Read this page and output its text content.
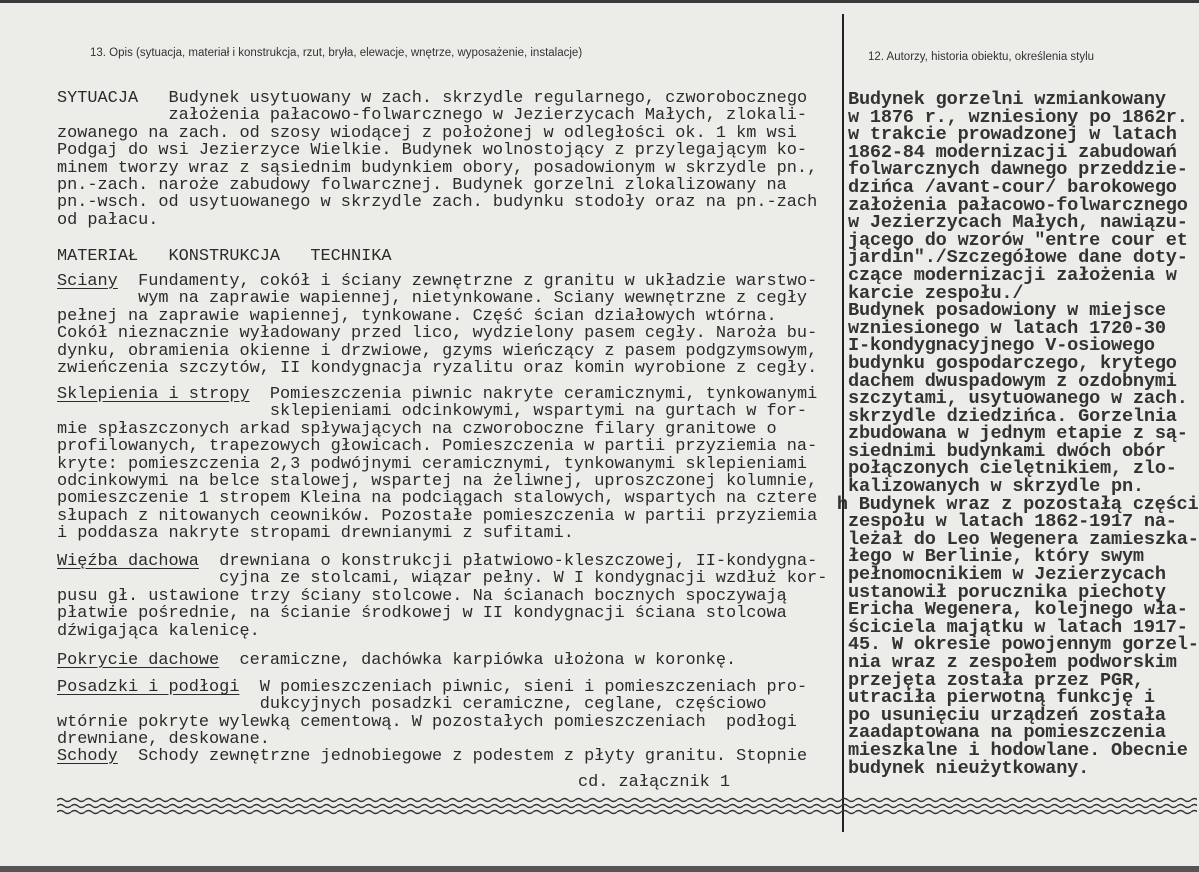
13. Opis (sytuacja, materiał i konstrukcja, rzut, bryła, elewacje, wnętrze, wyposażenie, instalacje)	12. Autorzy, historia obiektu, określenia stylu
SYTUACJA Budynek usytuowany w zach. skrzydle regularnego, czworobocznego
założenia pałacowo-folwarcznego w Jezierzycach Małych, zlokali-
zowanego na zach. od szosy wiodącej z położonej w odległości ok. 1 km wsi
Podgaj do wsi Jezierzyce Wielkie. Budynek wolnostojący z przylegającym ko-
minem tworzy wraz z sąsiednim budynkiem obory, posadowionym w skrzydle pn.,
pn.-zach. naroże zabudowy folwarcznej. Budynek gorzelni zlokalizowany na
pn.-wsch. od usytuowanego w skrzydle zach. budynku stodoły oraz na pn.-zach
od pałacu.
Sciany Fundamenty, cokół i ściany zewnętrzne z granitu w układzie warstwo-
wym na zaprawie wapiennej, nietynkowane. Sciany wewnętrzne z cegły
pełnej na zaprawie wapiennej, tynkowane. Część ścian działowych wtórna.
Cokół nieznacznie wyładowany przed lico, wydzielony pasem cegły. Naroża bu-
dynku, obramienia okienne i drzwiowe, gzyms wieńczący z pasem podgzymsowym,
zwieńczenia szczytów, II kondygnacja ryzalitu oraz komin wyrobione z cegły.
Sklepienia i stropy Pomieszczenia piwnic nakryte ceramicznymi, tynkowanymi
sklepieniami odcinkowymi, wspartymi na gurtach w for-
mie spłaszczonych arkad spływających na czworoboczne filary granitowe o
profilowanych, trapezowych głowicach. Pomieszczenia w partii przyziemia na-
kryte: pomieszczenia 2,3 podwójnymi ceramicznymi, tynkowanymi sklepieniami
odcinkowymi na belce stalowej, wspartej na żeliwnej, uproszczonej kolumnie,
pomieszczenie 1 stropem Kleina na podciągach stalowych, wspartych na cztere
słupach z nitowanych ceowników. Pozostałe pomieszczenia w partii przyziemia
i poddasza nakryte stropami drewnianymi z sufitami.
Więźba dachowa drewniana o konstrukcji płatwiowo-kleszczowej, II-kondygna-
cyjna ze stolcami, wiązar pełny. W I kondygnacji wzdłuż kor-
pusu gł. ustawione trzy ściany stolcowe. Na ścianach bocznych spoczywają
płatwie pośrednie, na ścianie środkowej w II kondygnacji ściana stolcowa
dźwigająca kalenicę.
Pokrycie dachowe ceramiczne, dachówka karpiówka ułożona w koronkę.
Posadzki i podłogi W pomieszczeniach piwnic, sieni i pomieszczeniach pro-
dukcyjnych posadzki ceramiczne, ceglane, częściowo
wtórnie pokryte wylewką cementową. W pozostałych pomieszczeniach  podłogi
drewniane, deskowane.
Schody Schody zewnętrzne jednobiegowe z podestem z płyty granitu. Stopnie
MATERIAŁ   KONSTRUKCJA   TECHNIKA
cd. załącznik 1
Budynek gorzelni wzmiankowany
w 1876 r., wzniesiony po 1862r.
w trakcie prowadzonej w latach
1862-84 modernizacji zabudowań
folwarcznych dawnego przeddzie-
dzińca /avant-cour/ barokowego
założenia pałacowo-folwarcznego
w Jezierzycach Małych, nawiązu-
jącego do wzorów "entre cour et
jardin"./Szczegółowe dane doty-
czące modernizacji założenia w
karcie zespołu./
Budynek posadowiony w miejsce
wzniesionego w latach 1720-30
I-kondygnacyjnego V-osiowego
budynku gospodarczego, krytego
dachem dwuspadowym z ozdobnymi
szczytami, usytuowanego w zach.
skrzydle dziedzińca. Gorzelnia
zbudowana w jednym etapie z są-
siednimi budynkami dwóch obór
połączonych cielętnikiem, zlo-
kalizowanych w skrzydle pn.
h Budynek wraz z pozostałą części
zespołu w latach 1862-1917 na-
leżał do Leo Wegenera zamieszka-
łego w Berlinie, który swym
pełnomocnikiem w Jezierzycach
ustanowił porucznika piechoty
Ericha Wegenera, kolejnego wła-
ściciela majątku w latach 1917-
45. W okresie powojennym gorzel-
nia wraz z zespołem podworskim
przejęta została przez PGR,
utraciła pierwotną funkcję i
po usunięciu urządzeń została
zaadaptowana na pomieszczenia
mieszkalne i hodowlane. Obecnie
budynek nieużytkowany.
